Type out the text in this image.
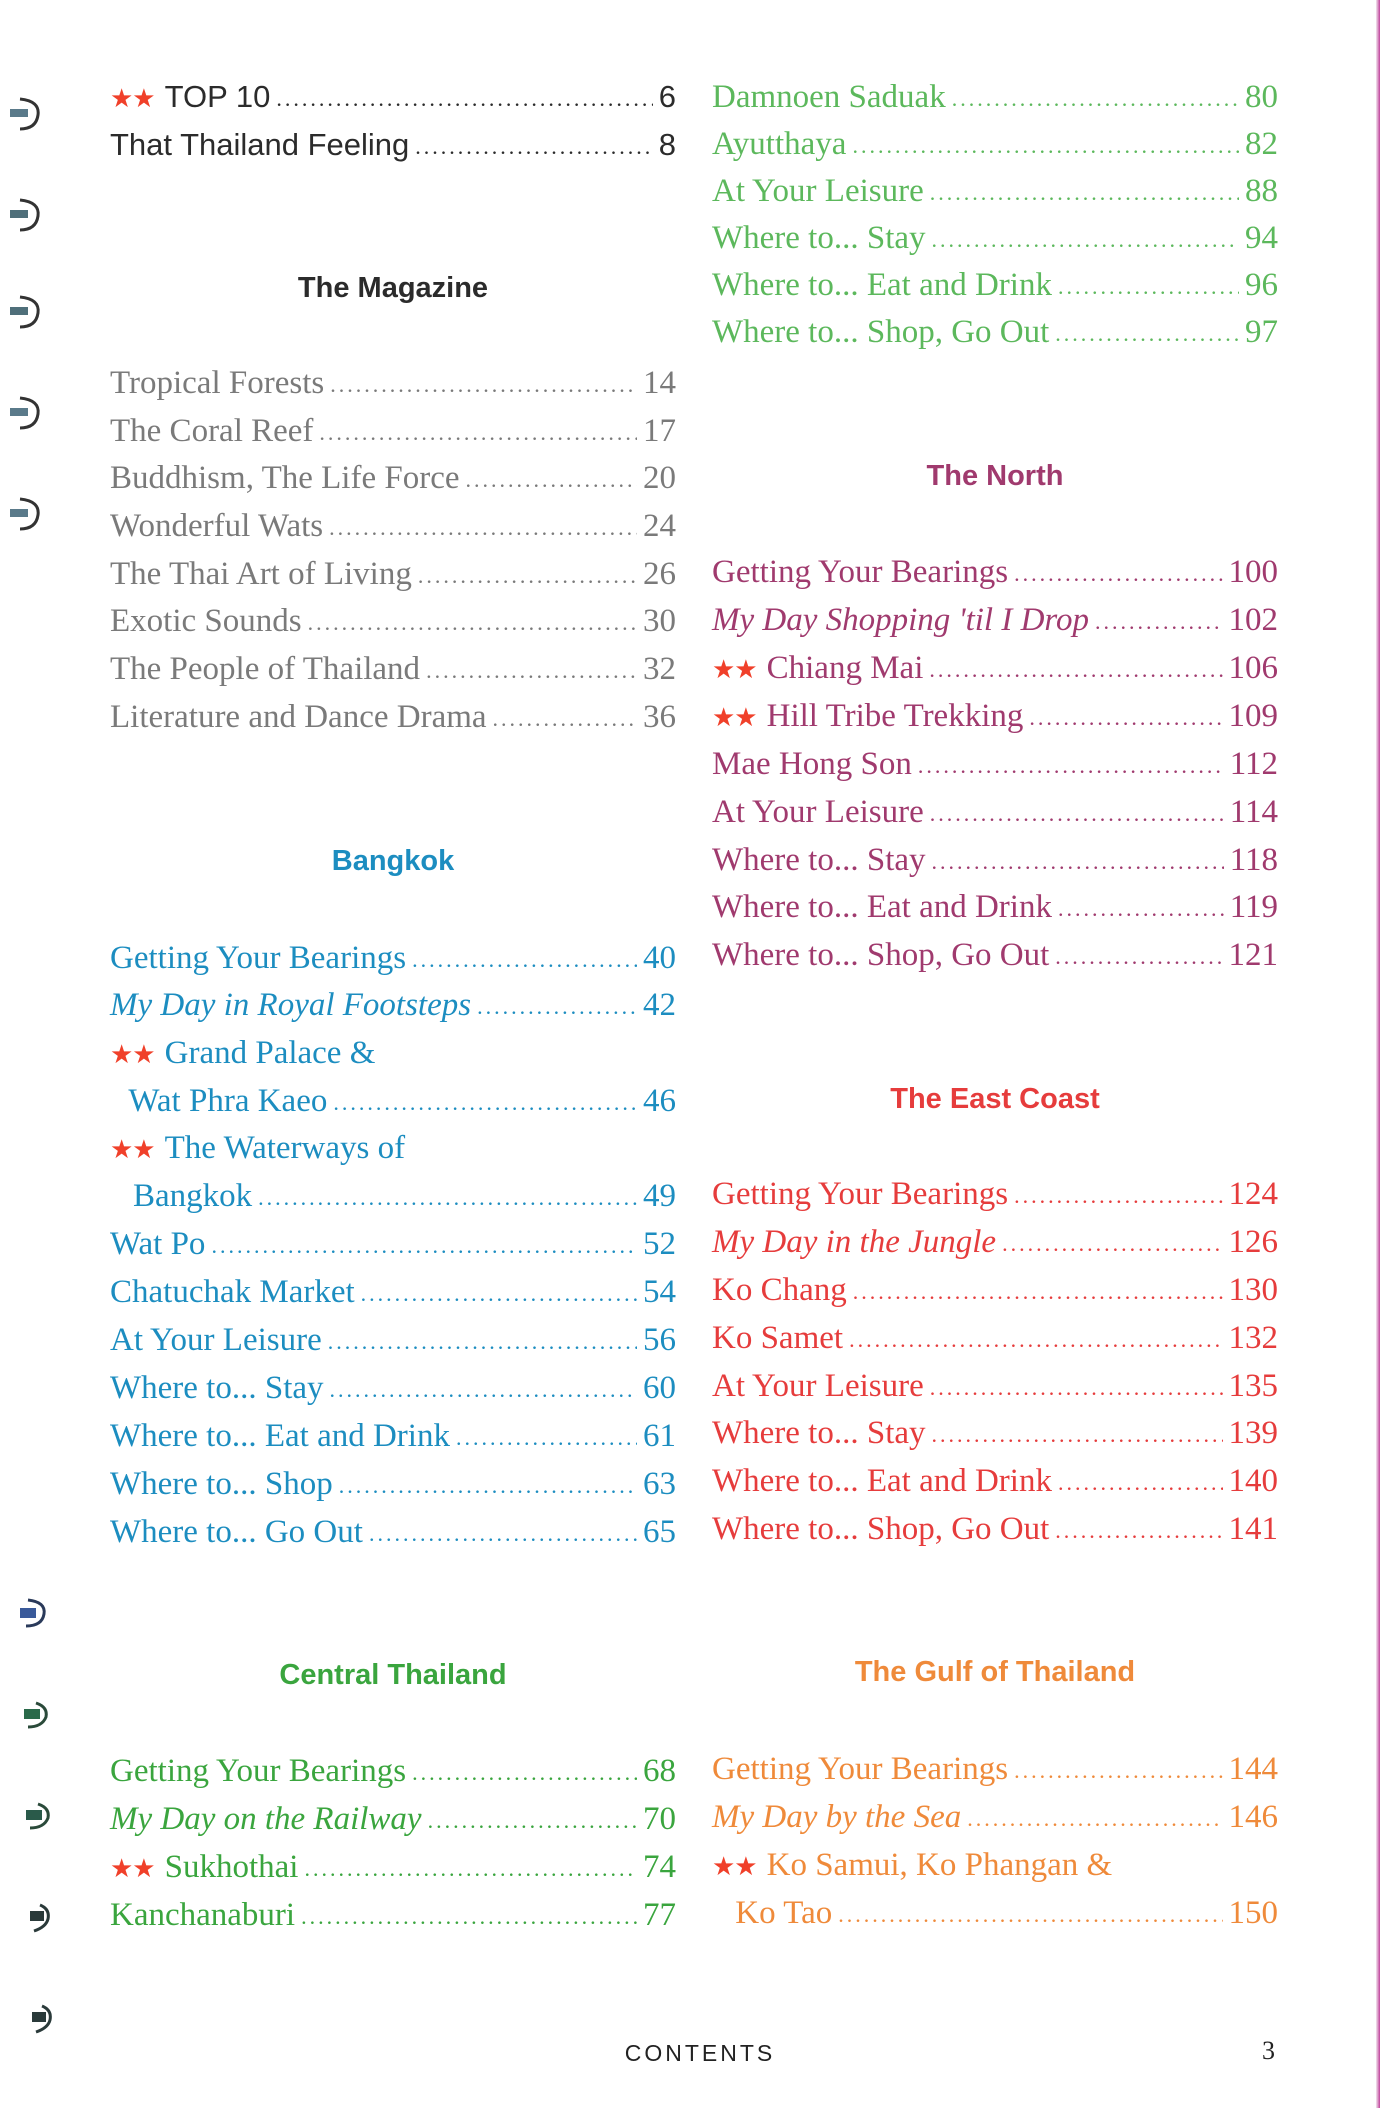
★★ TOP 10 .....	6
That Thailand Feeling .....	8
The Magazine
Tropical Forests .....	14
The Coral Reef .....	17
Buddhism, The Life Force .....	20
Wonderful Wats .....	24
The Thai Art of Living .....	26
Exotic Sounds .....	30
The People of Thailand .....	32
Literature and Dance Drama .....	36
Bangkok
Getting Your Bearings .....	40
My Day in Royal Footsteps .....	42
★★ Grand Palace &
Wat Phra Kaeo .....	46
★★ The Waterways of
Bangkok .....	49
Wat Po .....	52
Chatuchak Market .....	54
At Your Leisure .....	56
Where to... Stay .....	60
Where to... Eat and Drink .....	61
Where to... Shop .....	63
Where to... Go Out .....	65
Central Thailand
Getting Your Bearings .....	68
My Day on the Railway .....	70
★★ Sukhothai .....	74
Kanchanaburi .....	77
Damnoen Saduak .....	80
Ayutthaya .....	82
At Your Leisure .....	88
Where to... Stay .....	94
Where to... Eat and Drink .....	96
Where to... Shop, Go Out .....	97
The North
Getting Your Bearings .....	100
My Day Shopping 'til I Drop .....	102
★★ Chiang Mai .....	106
★★ Hill Tribe Trekking .....	109
Mae Hong Son .....	112
At Your Leisure .....	114
Where to... Stay .....	118
Where to... Eat and Drink .....	119
Where to... Shop, Go Out .....	121
The East Coast
Getting Your Bearings .....	124
My Day in the Jungle .....	126
Ko Chang .....	130
Ko Samet .....	132
At Your Leisure .....	135
Where to... Stay .....	139
Where to... Eat and Drink .....	140
Where to... Shop, Go Out .....	141
The Gulf of Thailand
Getting Your Bearings .....	144
My Day by the Sea .....	146
★★ Ko Samui, Ko Phangan &
Ko Tao .....	150
CONTENTS	3
